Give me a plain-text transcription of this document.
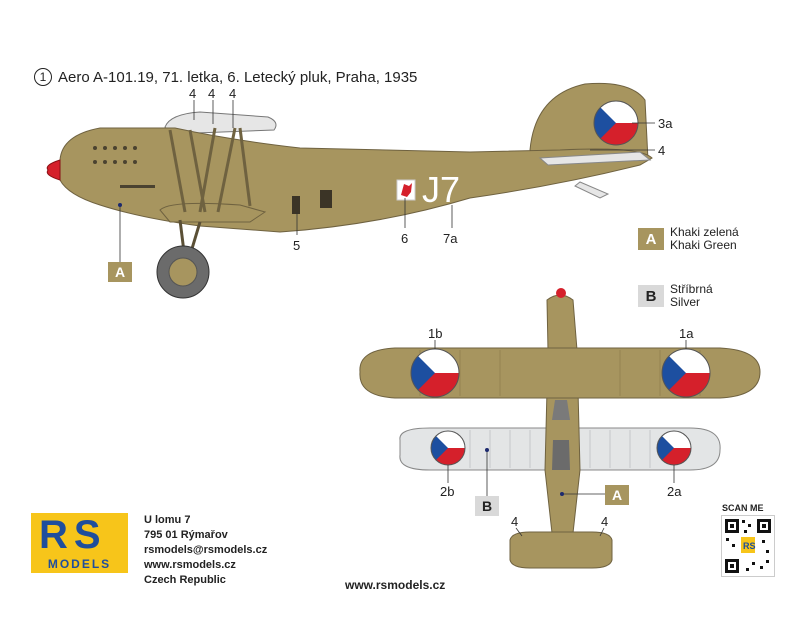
1 Aero A-101.19, 71. letka, 6. Letecký pluk, Praha, 1935
J7
4 4 4
3a
4
5	6	7a
A
1b	1a
2b	2a
4	4
A
B
A	Khaki zelená
Khaki Green
B	Stříbrná
Silver
RS
MODELS
U lomu 7
795 01 Rýmařov
rsmodels@rsmodels.cz
www.rsmodels.cz
Czech Republic	www.rsmodels.cz
SCAN ME
RS
